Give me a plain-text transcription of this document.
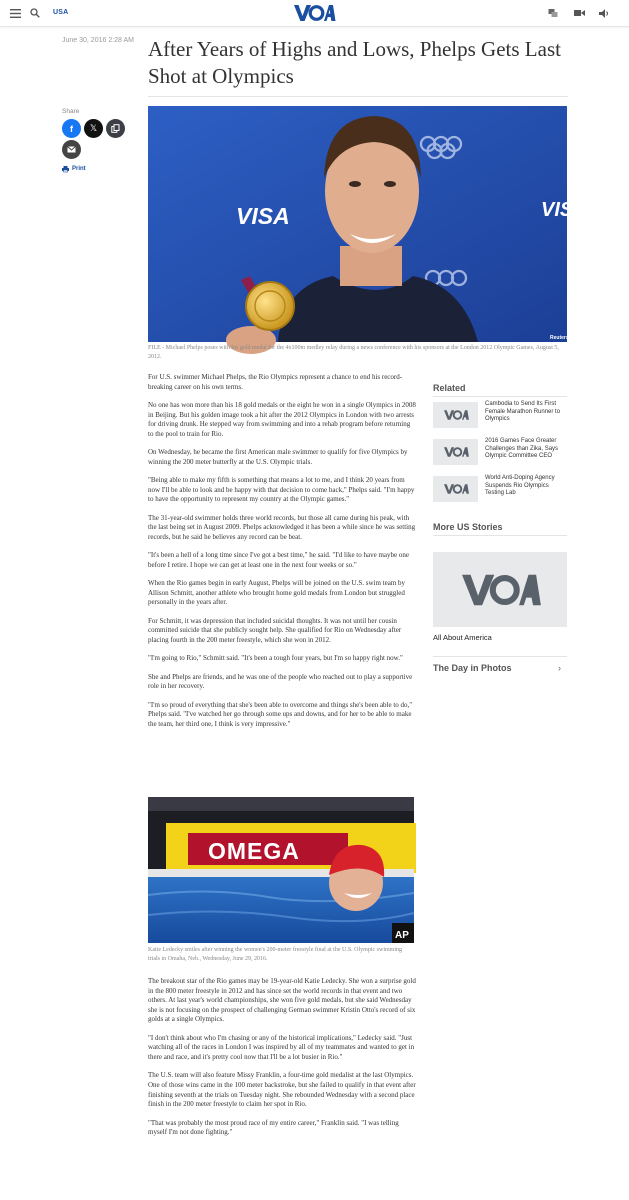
USA
June 30, 2016 2:28 AM After Years of Highs and Lows, Phelps Gets Last Shot at Olympics
Share
f 𝕏
Print
VISA	VISA
Reuters
FILE - Michael Phelps poses with his gold medal for the 4x100m medley relay during a news conference with his sponsors at the London 2012 Olympic Games, August 5, 2012.

For U.S. swimmer Michael Phelps, the Rio Olympics represent a chance to end his record-breaking career on his own terms.

No one has won more than his 18 gold medals or the eight he won in a single Olympics in 2008 in Beijing. But his golden image took a hit after the 2012 Olympics in London with two arrests for driving drunk. He stepped way from swimming and into a rehab program before returning to the pool to train for Rio.

On Wednesday, he became the first American male swimmer to qualify for five Olympics by winning the 200 meter butterfly at the U.S. Olympic trials.

"Being able to make my fifth is something that means a lot to me, and I think 20 years from now I'll be able to look and be happy with that decision to come back," Phelps said. "I'm happy to have the opportunity to represent my country at the Olympic games."

The 31-year-old swimmer holds three world records, but those all came during his peak, with the last being set in August 2009. Phelps acknowledged it has been a while since he was setting records, but he said he believes any record can be beat.

"It's been a hell of a long time since I've got a best time," he said. "I'd like to have maybe one before I retire. I hope we can get at least one in the next four weeks or so."

When the Rio games begin in early August, Phelps will be joined on the U.S. swim team by Allison Schmitt, another athlete who brought home gold medals from London but struggled personally in the years after.

For Schmitt, it was depression that included suicidal thoughts. It was not until her cousin committed suicide that she publicly sought help. She qualified for Rio on Wednesday after placing fourth in the 200 meter freestyle, which she won in 2012.

"I'm going to Rio," Schmitt said. "It's been a tough four years, but I'm so happy right now."

She and Phelps are friends, and he was one of the people who reached out to play a supportive role in her recovery.

"I'm so proud of everything that she's been able to overcome and things she's been able to do," Phelps said. "I've watched her go through some ups and downs, and for her to be able to make the team, her third one, I think is very impressive."

OMEGA
AP
Katie Ledecky smiles after winning the women's 200-meter freestyle final at the U.S. Olympic swimming trials in Omaha, Neb., Wednesday, June 29, 2016.

The breakout star of the Rio games may be 19-year-old Katie Ledecky. She won a surprise gold in the 800 meter freestyle in 2012 and has since set the world records in that event and two others. At last year's world championships, she won five gold medals, but she said Wednesday she is not focusing on the prospect of challenging German swimmer Kristin Otto's record of six golds at a single Olympics.

"I don't think about who I'm chasing or any of the historical implications," Ledecky said. "Just watching all of the races in London I was inspired by all of my teammates and wanted to get in there and race, and it's pretty cool now that I'll be a lot busier in Rio."

The U.S. team will also feature Missy Franklin, a four-time gold medalist at the last Olympics. One of those wins came in the 100 meter backstroke, but she failed to qualify in that event after finishing seventh at the trials on Tuesday night. She rebounded Wednesday with a second place finish in the 200 meter freestyle to claim her spot in Rio.

"That was probably the most proud race of my entire career," Franklin said. "I was telling myself I'm not done fighting."

Related
Cambodia to Send Its First Female Marathon Runner to Olympics
2016 Games Face Greater Challenges than Zika, Says Olympic Committee CEO
World Anti-Doping Agency Suspends Rio Olympics Testing Lab
More US Stories
All About America
The Day in Photos	›
